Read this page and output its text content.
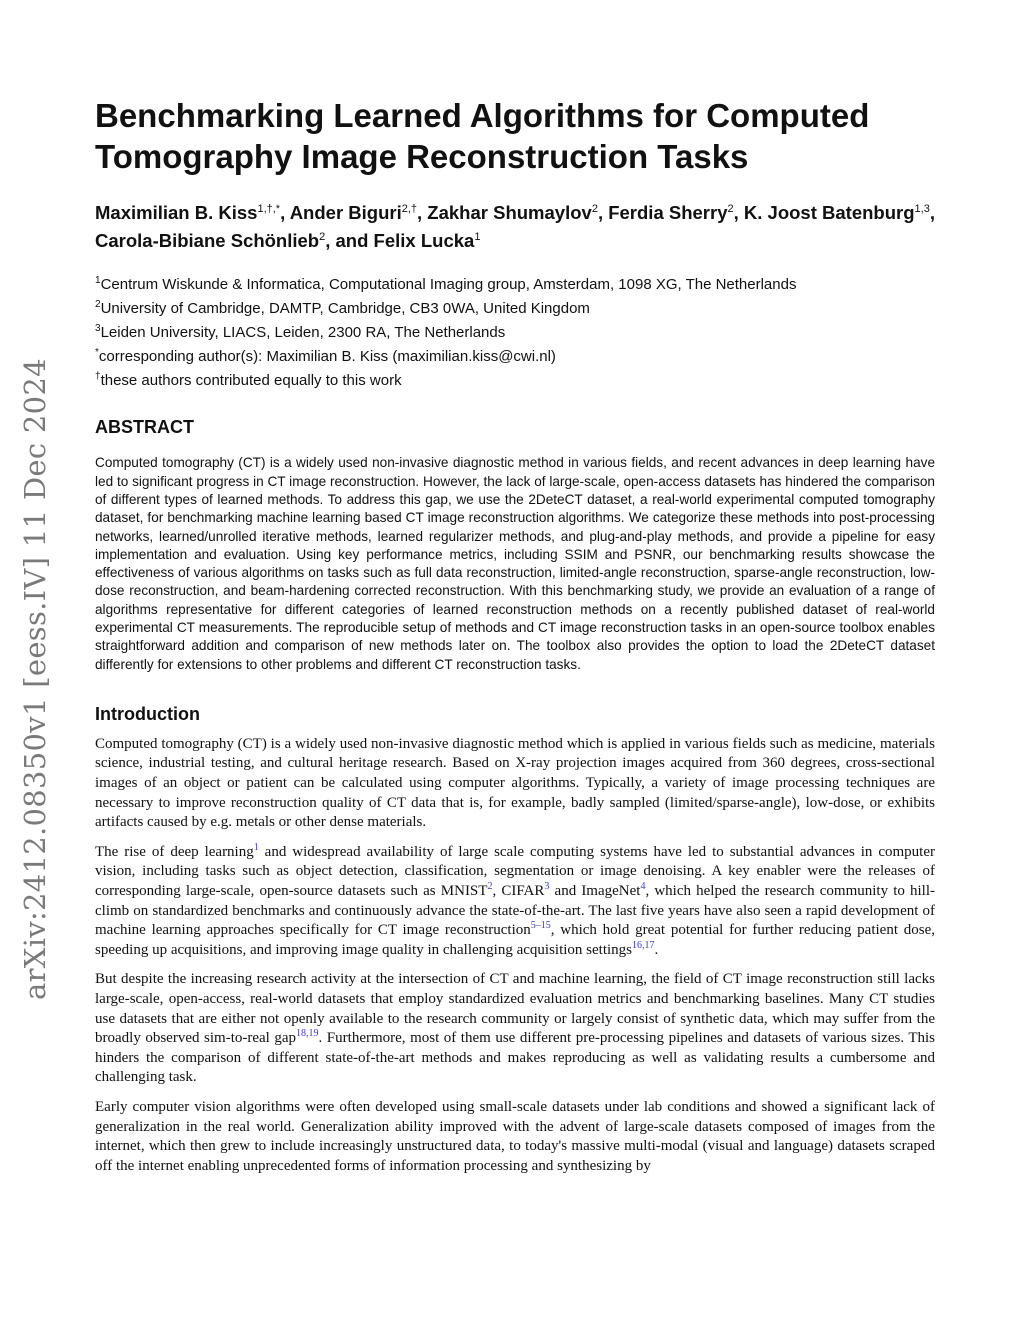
arXiv:2412.08350v1 [eess.IV] 11 Dec 2024
Benchmarking Learned Algorithms for Computed Tomography Image Reconstruction Tasks
Maximilian B. Kiss$^{1,\dagger,*}$, Ander Biguri$^{2,\dagger}$, Zakhar Shumaylov$^2$, Ferdia Sherry$^2$, K. Joost Batenburg$^{1,3}$, Carola-Bibiane Schönlieb$^2$, and Felix Lucka$^1$
$^1$Centrum Wiskunde & Informatica, Computational Imaging group, Amsterdam, 1098 XG, The Netherlands
$^2$University of Cambridge, DAMTP, Cambridge, CB3 0WA, United Kingdom
$^3$Leiden University, LIACS, Leiden, 2300 RA, The Netherlands
*corresponding author(s): Maximilian B. Kiss (maximilian.kiss@cwi.nl)
†these authors contributed equally to this work
ABSTRACT

Computed tomography (CT) is a widely used non-invasive diagnostic method in various fields, and recent advances in deep learning have led to significant progress in CT image reconstruction. However, the lack of large-scale, open-access datasets has hindered the comparison of different types of learned methods. To address this gap, we use the 2DeteCT dataset, a real-world experimental computed tomography dataset, for benchmarking machine learning based CT image reconstruction algorithms. We categorize these methods into post-processing networks, learned/unrolled iterative methods, learned regularizer methods, and plug-and-play methods, and provide a pipeline for easy implementation and evaluation. Using key performance metrics, including SSIM and PSNR, our benchmarking results showcase the effectiveness of various algorithms on tasks such as full data reconstruction, limited-angle reconstruction, sparse-angle reconstruction, low-dose reconstruction, and beam-hardening corrected reconstruction. With this benchmarking study, we provide an evaluation of a range of algorithms representative for different categories of learned reconstruction methods on a recently published dataset of real-world experimental CT measurements. The reproducible setup of methods and CT image reconstruction tasks in an open-source toolbox enables straightforward addition and comparison of new methods later on. The toolbox also provides the option to load the 2DeteCT dataset differently for extensions to other problems and different CT reconstruction tasks.

Introduction

Computed tomography (CT) is a widely used non-invasive diagnostic method which is applied in various fields such as medicine, materials science, industrial testing, and cultural heritage research. Based on X-ray projection images acquired from 360 degrees, cross-sectional images of an object or patient can be calculated using computer algorithms. Typically, a variety of image processing techniques are necessary to improve reconstruction quality of CT data that is, for example, badly sampled (limited/sparse-angle), low-dose, or exhibits artifacts caused by e.g. metals or other dense materials.

The rise of deep learning$^1$ and widespread availability of large scale computing systems have led to substantial advances in computer vision, including tasks such as object detection, classification, segmentation or image denoising. A key enabler were the releases of corresponding large-scale, open-source datasets such as MNIST$^2$, CIFAR$^3$ and ImageNet$^4$, which helped the research community to hill-climb on standardized benchmarks and continuously advance the state-of-the-art. The last five years have also seen a rapid development of machine learning approaches specifically for CT image reconstruction$^{5-15}$, which hold great potential for further reducing patient dose, speeding up acquisitions, and improving image quality in challenging acquisition settings$^{16,17}$.

But despite the increasing research activity at the intersection of CT and machine learning, the field of CT image reconstruction still lacks large-scale, open-access, real-world datasets that employ standardized evaluation metrics and benchmarking baselines. Many CT studies use datasets that are either not openly available to the research community or largely consist of synthetic data, which may suffer from the broadly observed sim-to-real gap$^{18,19}$. Furthermore, most of them use different pre-processing pipelines and datasets of various sizes. This hinders the comparison of different state-of-the-art methods and makes reproducing as well as validating results a cumbersome and challenging task.

Early computer vision algorithms were often developed using small-scale datasets under lab conditions and showed a significant lack of generalization in the real world. Generalization ability improved with the advent of large-scale datasets composed of images from the internet, which then grew to include increasingly unstructured data, to today's massive multi-modal (visual and language) datasets scraped off the internet enabling unprecedented forms of information processing and synthesizing by
